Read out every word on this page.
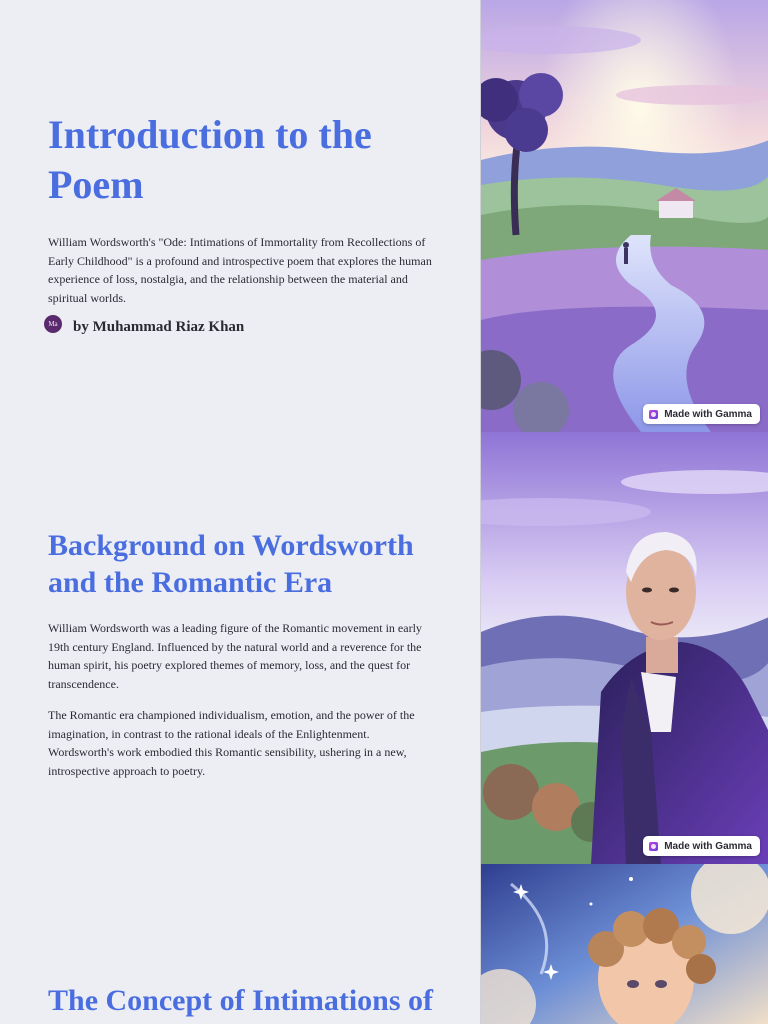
Introduction to the Poem

William Wordsworth's "Ode: Intimations of Immortality from Recollections of Early Childhood" is a profound and introspective poem that explores the human experience of loss, nostalgia, and the relationship between the material and spiritual worlds.

Ma by Muhammad Riaz Khan
Made with Gamma
Background on Wordsworth and the Romantic Era

William Wordsworth was a leading figure of the Romantic movement in early 19th century England. Influenced by the natural world and a reverence for the human spirit, his poetry explored themes of memory, loss, and the quest for transcendence.

The Romantic era championed individualism, emotion, and the power of the imagination, in contrast to the rational ideals of the Enlightenment. Wordsworth's work embodied this Romantic sensibility, ushering in a new, introspective approach to poetry.

Made with Gamma
The Concept of Intimations of
